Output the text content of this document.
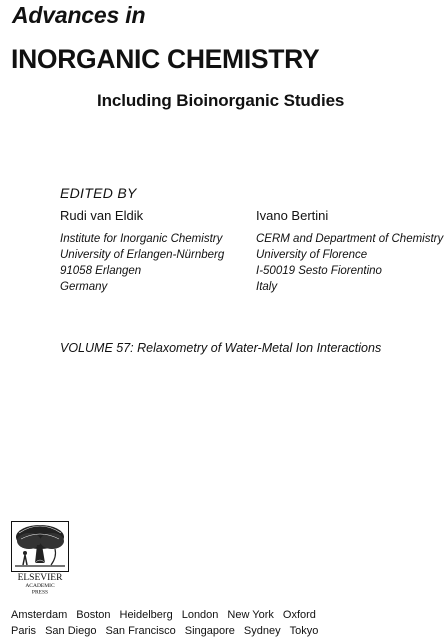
Advances in
INORGANIC CHEMISTRY
Including Bioinorganic Studies
EDITED BY
Rudi van Eldik	Ivano Bertini
Institute for Inorganic Chemistry
University of Erlangen-Nürnberg
91058 Erlangen
Germany
CERM and Department of Chemistry
University of Florence
I-50019 Sesto Fiorentino
Italy
VOLUME 57: Relaxometry of Water-Metal Ion Interactions
ELSEVIER
ACADEMIC
PRESS
Amsterdam Boston Heidelberg London New York Oxford
Paris San Diego San Francisco Singapore Sydney Tokyo
